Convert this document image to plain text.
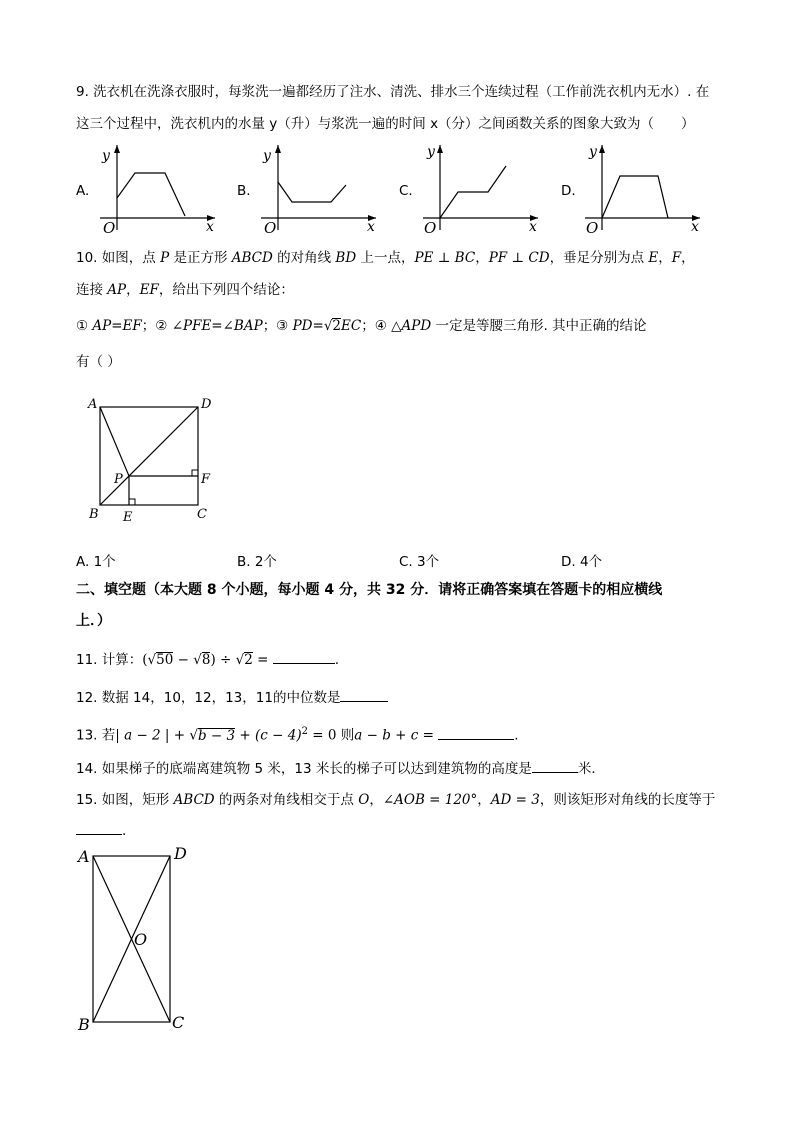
9. 洗衣机在洗涤衣服时，每浆洗一遍都经历了注水、清洗、排水三个连续过程（工作前洗衣机内无水）. 在
这三个过程中，洗衣机内的水量 y（升）与浆洗一遍的时间 x（分）之间函数关系的图象大致为（　　）
A.
y
x
O
B.
y
x
O
C.
y
x
O
D.
y
x
O
10. 如图，点 P 是正方形 ABCD 的对角线 BD 上一点，PE ⊥ BC，PF ⊥ CD，垂足分别为点 E，F，
连接 AP，EF，给出下列四个结论：
① AP=EF；② ∠PFE=∠BAP；③ PD=√2EC；④ △APD 一定是等腰三角形. 其中正确的结论
有（ ）
A	D
B	C
P
E
F
A. 1个	B. 2个	C. 3个	D. 4个
二、填空题（本大题 8 个小题，每小题 4 分，共 32 分．请将正确答案填在答题卡的相应横线
上．）
11. 计算：(√50 − √8) ÷ √2 =	.
12. 数据 14，10，12，13，11的中位数是
13. 若| a − 2 | + $√b - 3 + (c - 4)^2 = 0$ 则a − b + c =	.
14. 如果梯子的底端离建筑物 5 米，13 米长的梯子可以达到建筑物的高度是	米．
15. 如图，矩形 ABCD 的两条对角线相交于点 O，∠AOB = 120°，AD = 3，则该矩形对角线的长度等于
.
A	D
B	C
O
